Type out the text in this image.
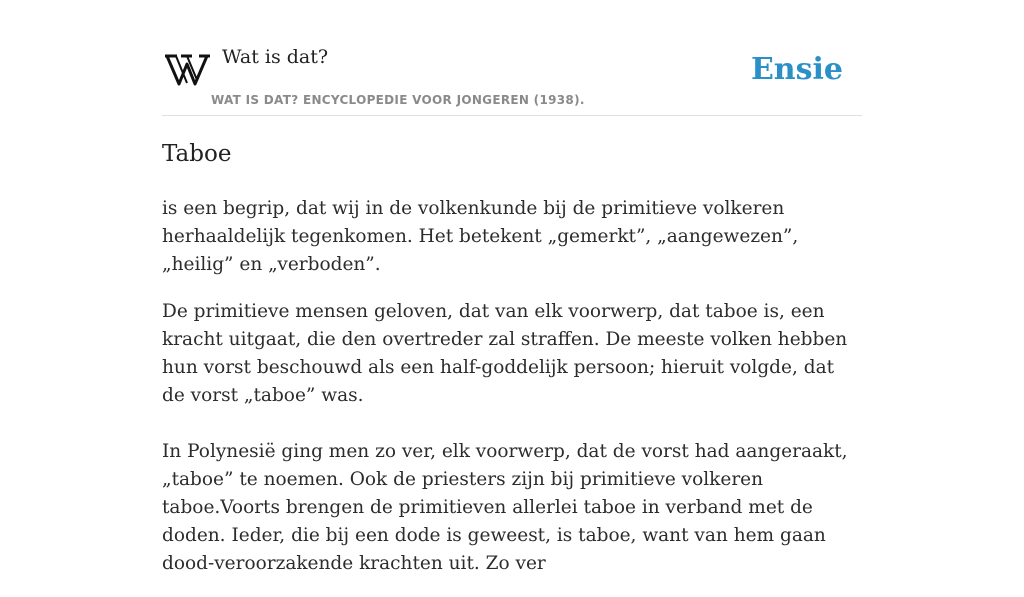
Wat is dat?
WAT IS DAT? ENCYCLOPEDIE VOOR JONGEREN (1938).
Ensie
Taboe

is een begrip, dat wij in de volkenkunde bij de primitieve volkeren herhaaldelijk tegenkomen. Het betekent „gemerkt”, „aangewezen”, „heilig” en „verboden”.

De primitieve mensen geloven, dat van elk voorwerp, dat taboe is, een kracht uitgaat, die den overtreder zal straffen. De meeste volken hebben hun vorst beschouwd als een half-goddelijk persoon; hieruit volgde, dat de vorst „taboe” was.

In Polynesië ging men zo ver, elk voorwerp, dat de vorst had aangeraakt, „taboe” te noemen. Ook de priesters zijn bij primitieve volkeren taboe.Voorts brengen de primitieven allerlei taboe in verband met de doden. Ieder, die bij een dode is geweest, is taboe, want van hem gaan dood-veroorzakende krachten uit. Zo ver
